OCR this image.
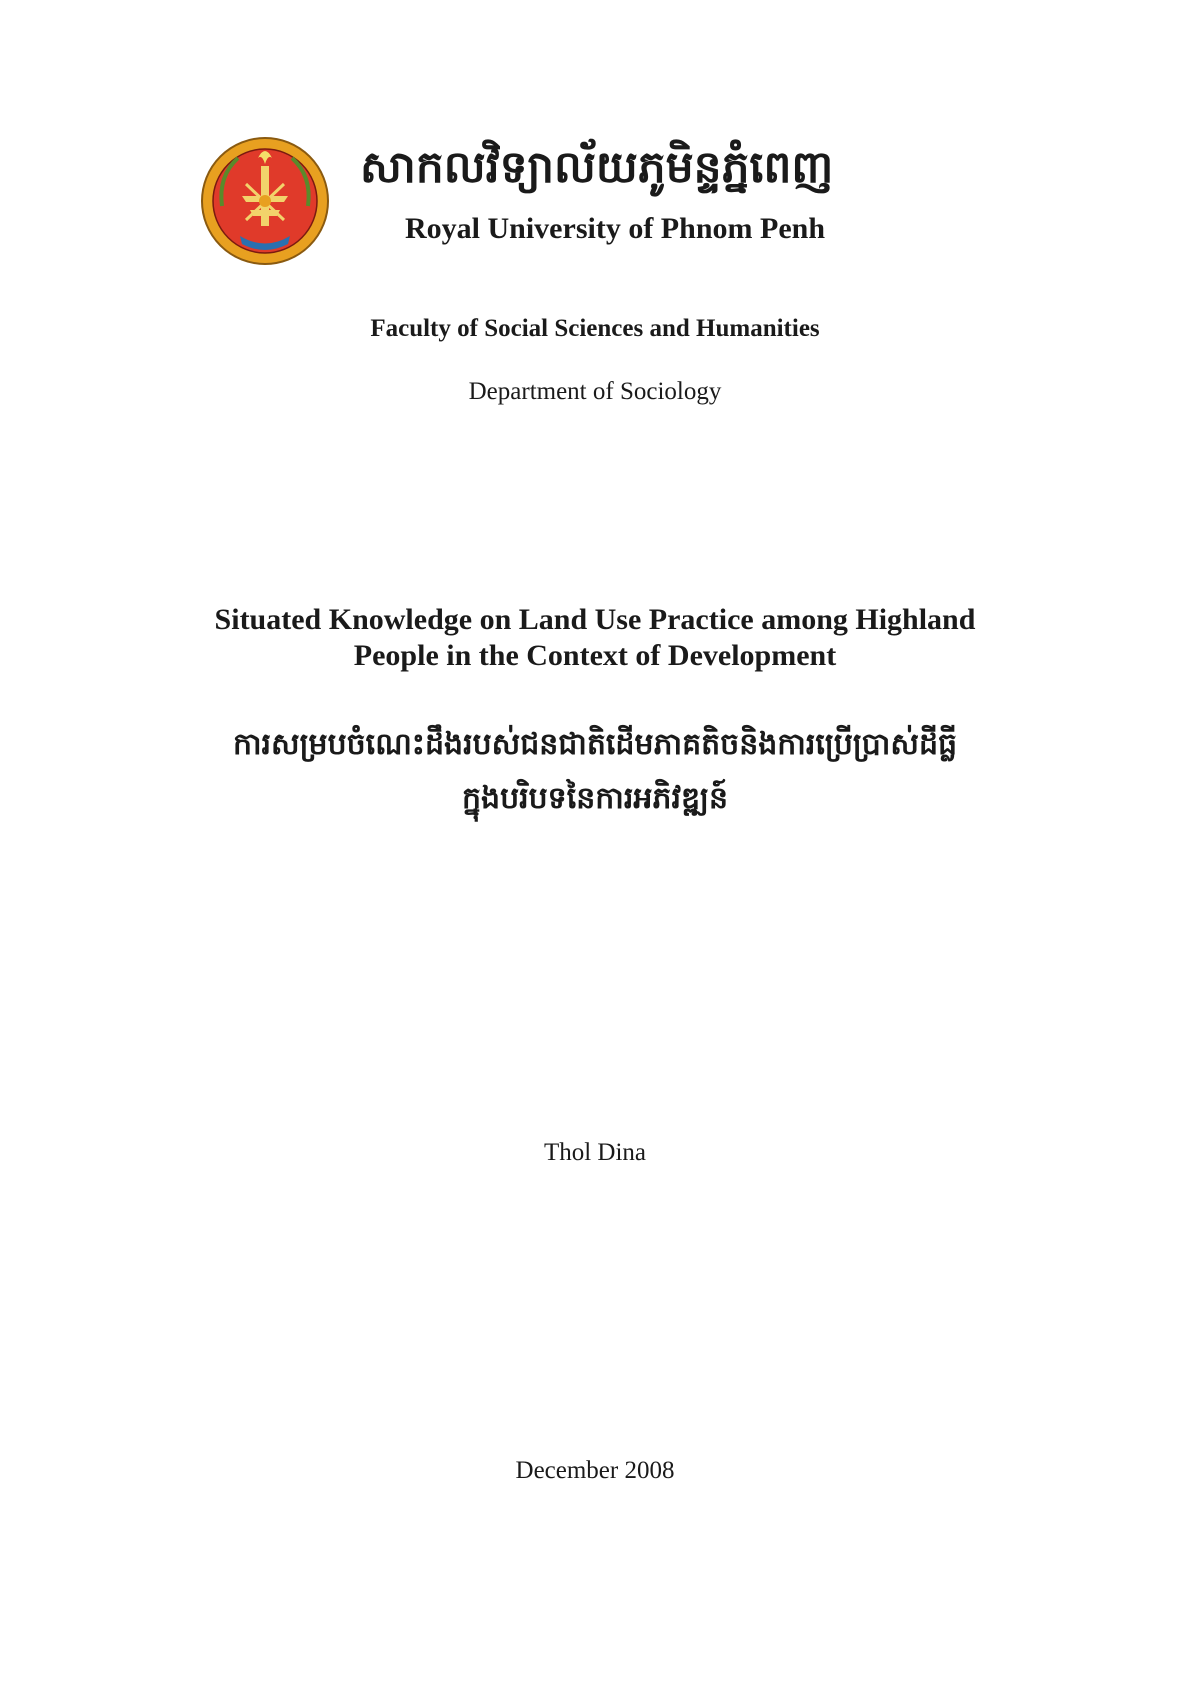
សាកលវិទ្យាល័យភូមិន្ទភ្នំពេញ
Royal University of Phnom Penh
Faculty of Social Sciences and Humanities
Department of Sociology
Situated Knowledge on Land Use Practice among Highland
People in the Context of Development
ការសម្របចំណេះដឹងរបស់ជនជាតិដើមភាគតិចនិងការប្រើប្រាស់ដីធ្លី
ក្នុងបរិបទនៃការអភិវឌ្ឍន៍
Thol Dina
December 2008
